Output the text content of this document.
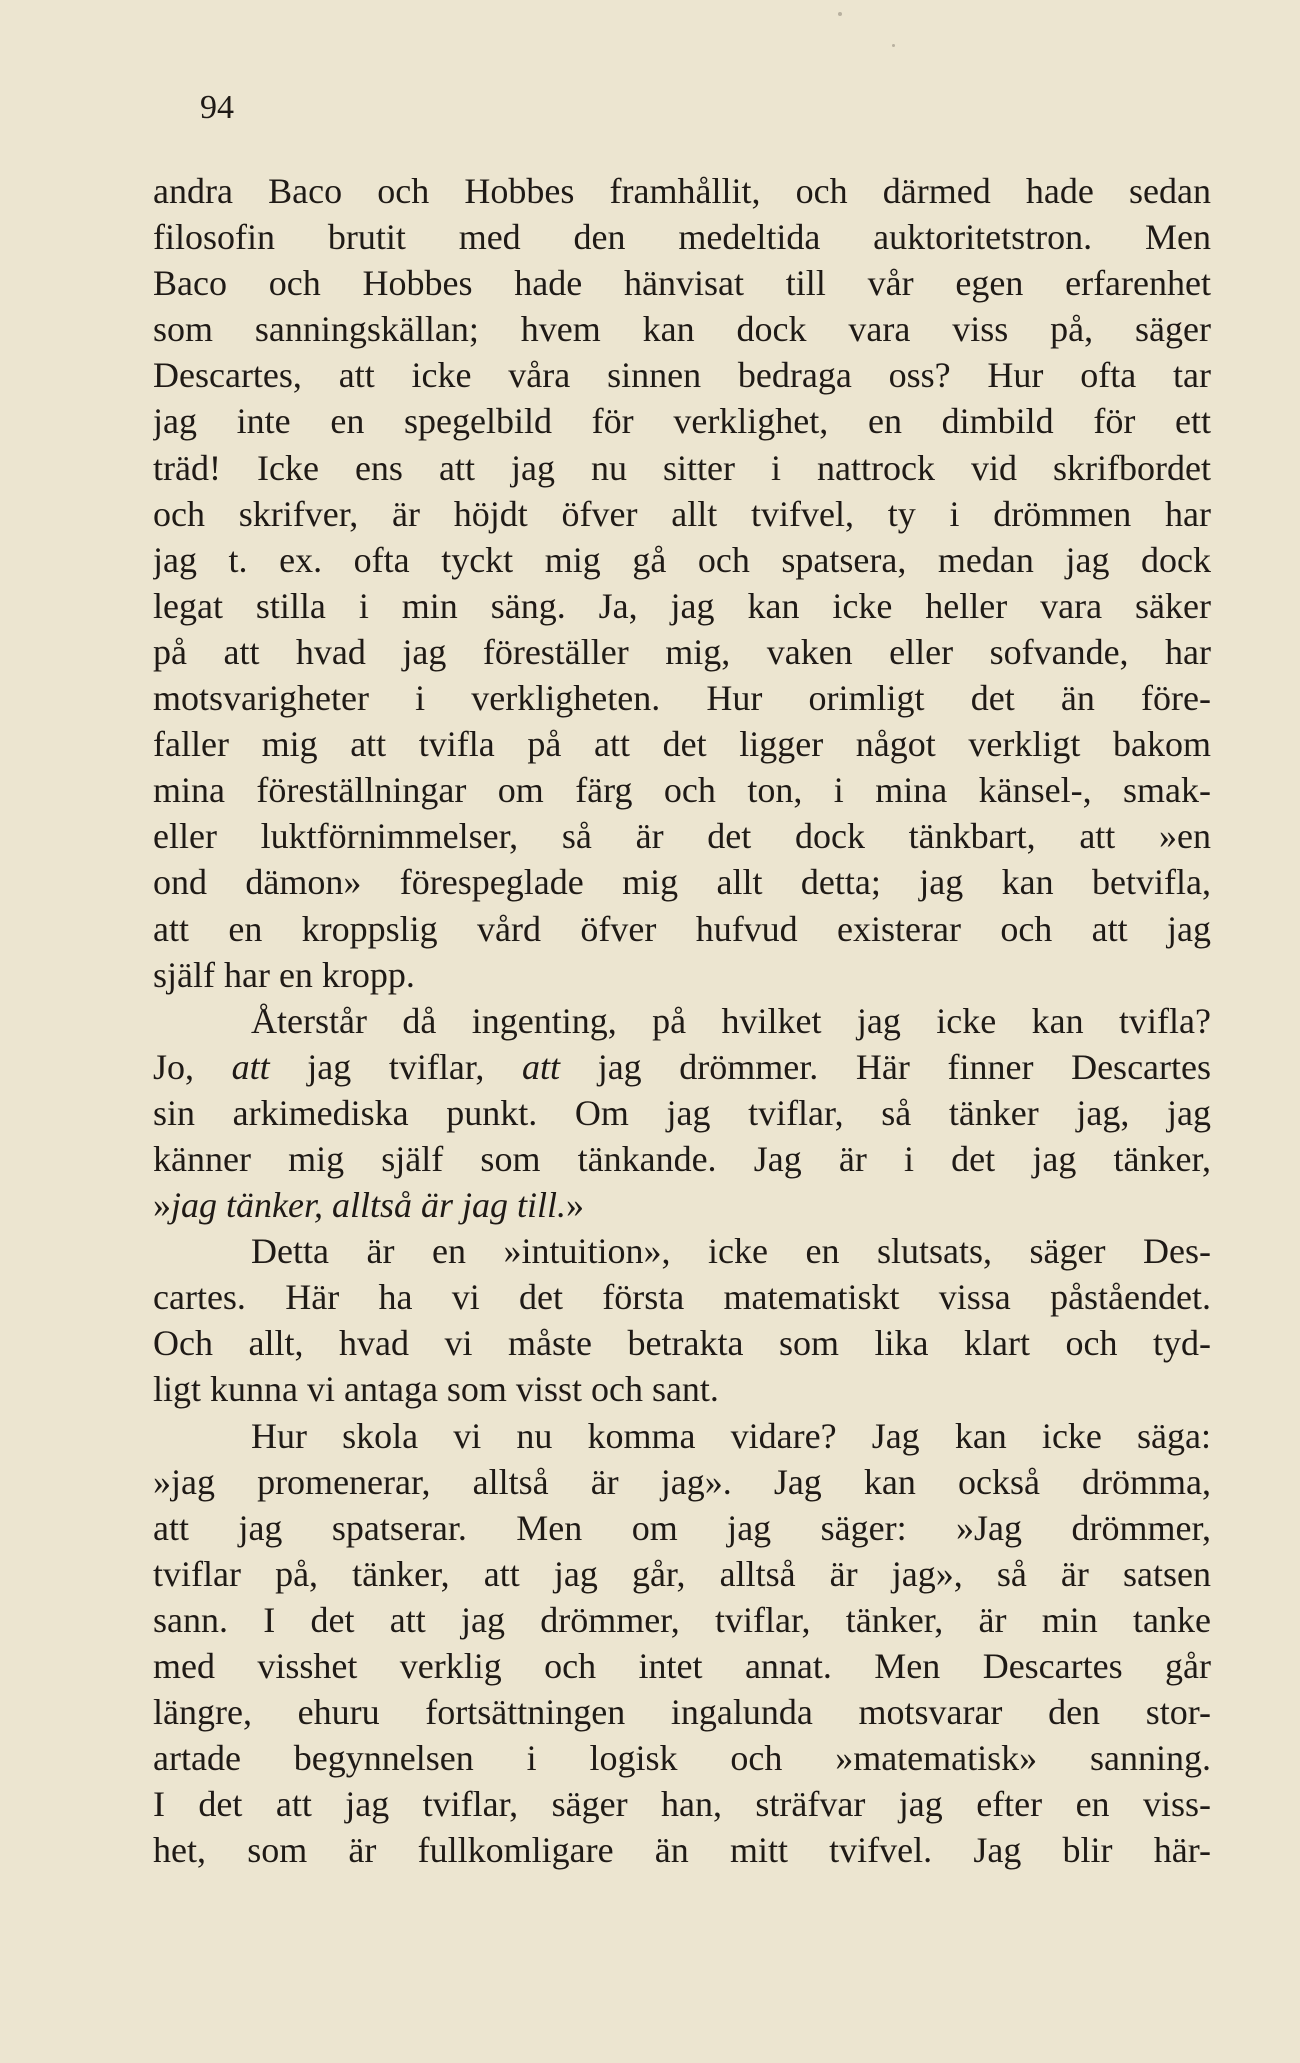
94
andra Baco och Hobbes framhållit, och därmed hade sedan
filosofin brutit med den medeltida auktoritetstron. Men
Baco och Hobbes hade hänvisat till vår egen erfarenhet
som sanningskällan; hvem kan dock vara viss på, säger
Descartes, att icke våra sinnen bedraga oss? Hur ofta tar
jag inte en spegelbild för verklighet, en dimbild för ett
träd! Icke ens att jag nu sitter i nattrock vid skrifbordet
och skrifver, är höjdt öfver allt tvifvel, ty i drömmen har
jag t. ex. ofta tyckt mig gå och spatsera, medan jag dock
legat stilla i min säng. Ja, jag kan icke heller vara säker
på att hvad jag föreställer mig, vaken eller sofvande, har
motsvarigheter i verkligheten. Hur orimligt det än före-
faller mig att tvifla på att det ligger något verkligt bakom
mina föreställningar om färg och ton, i mina känsel-, smak-
eller luktförnimmelser, så är det dock tänkbart, att »en
ond dämon» förespeglade mig allt detta; jag kan betvifla,
att en kroppslig vård öfver hufvud existerar och att jag
själf har en kropp.
Återstår då ingenting, på hvilket jag icke kan tvifla?
Jo, att jag tviflar, att jag drömmer. Här finner Descartes
sin arkimediska punkt. Om jag tviflar, så tänker jag, jag
känner mig själf som tänkande. Jag är i det jag tänker,
»jag tänker, alltså är jag till.»
Detta är en »intuition», icke en slutsats, säger Des-
cartes. Här ha vi det första matematiskt vissa påståendet.
Och allt, hvad vi måste betrakta som lika klart och tyd-
ligt kunna vi antaga som visst och sant.
Hur skola vi nu komma vidare? Jag kan icke säga:
»jag promenerar, alltså är jag». Jag kan också drömma,
att jag spatserar. Men om jag säger: »Jag drömmer,
tviflar på, tänker, att jag går, alltså är jag», så är satsen
sann. I det att jag drömmer, tviflar, tänker, är min tanke
med visshet verklig och intet annat. Men Descartes går
längre, ehuru fortsättningen ingalunda motsvarar den stor-
artade begynnelsen i logisk och »matematisk» sanning.
I det att jag tviflar, säger han, sträfvar jag efter en viss-
het, som är fullkomligare än mitt tvifvel. Jag blir här-
